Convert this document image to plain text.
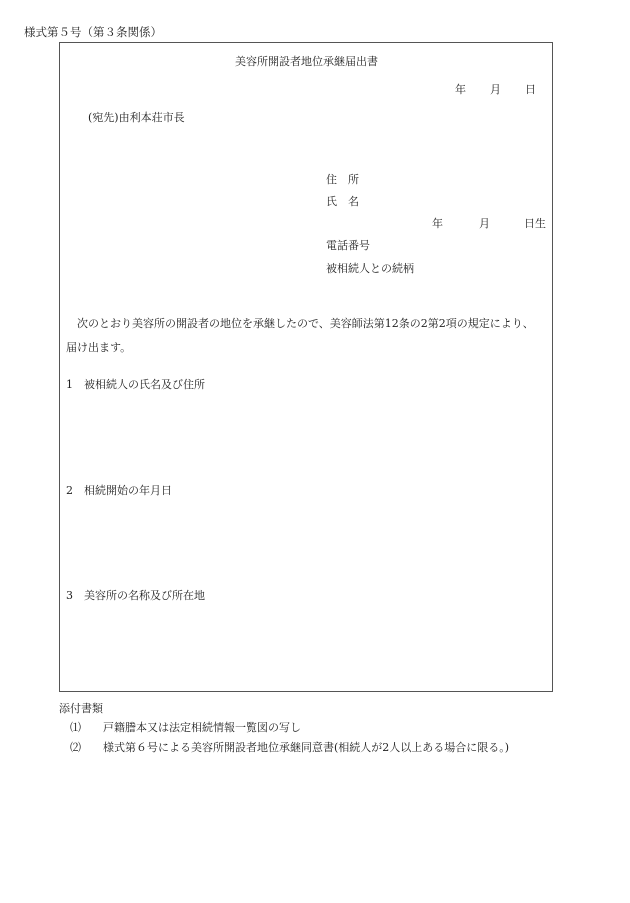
様式第５号（第３条関係）
美容所開設者地位承継届出書
年 月 日
(宛先)由利本荘市長
住　所
氏　名
年	月	日生
電話番号
被相続人との続柄
次のとおり美容所の開設者の地位を承継したので、美容師法第12条の2第2項の規定により、届け出ます。
1 被相続人の氏名及び住所
2 相続開始の年月日
3 美容所の名称及び所在地
添付書類
⑴ 戸籍謄本又は法定相続情報一覧図の写し
⑵ 様式第６号による美容所開設者地位承継同意書(相続人が2人以上ある場合に限る。)
